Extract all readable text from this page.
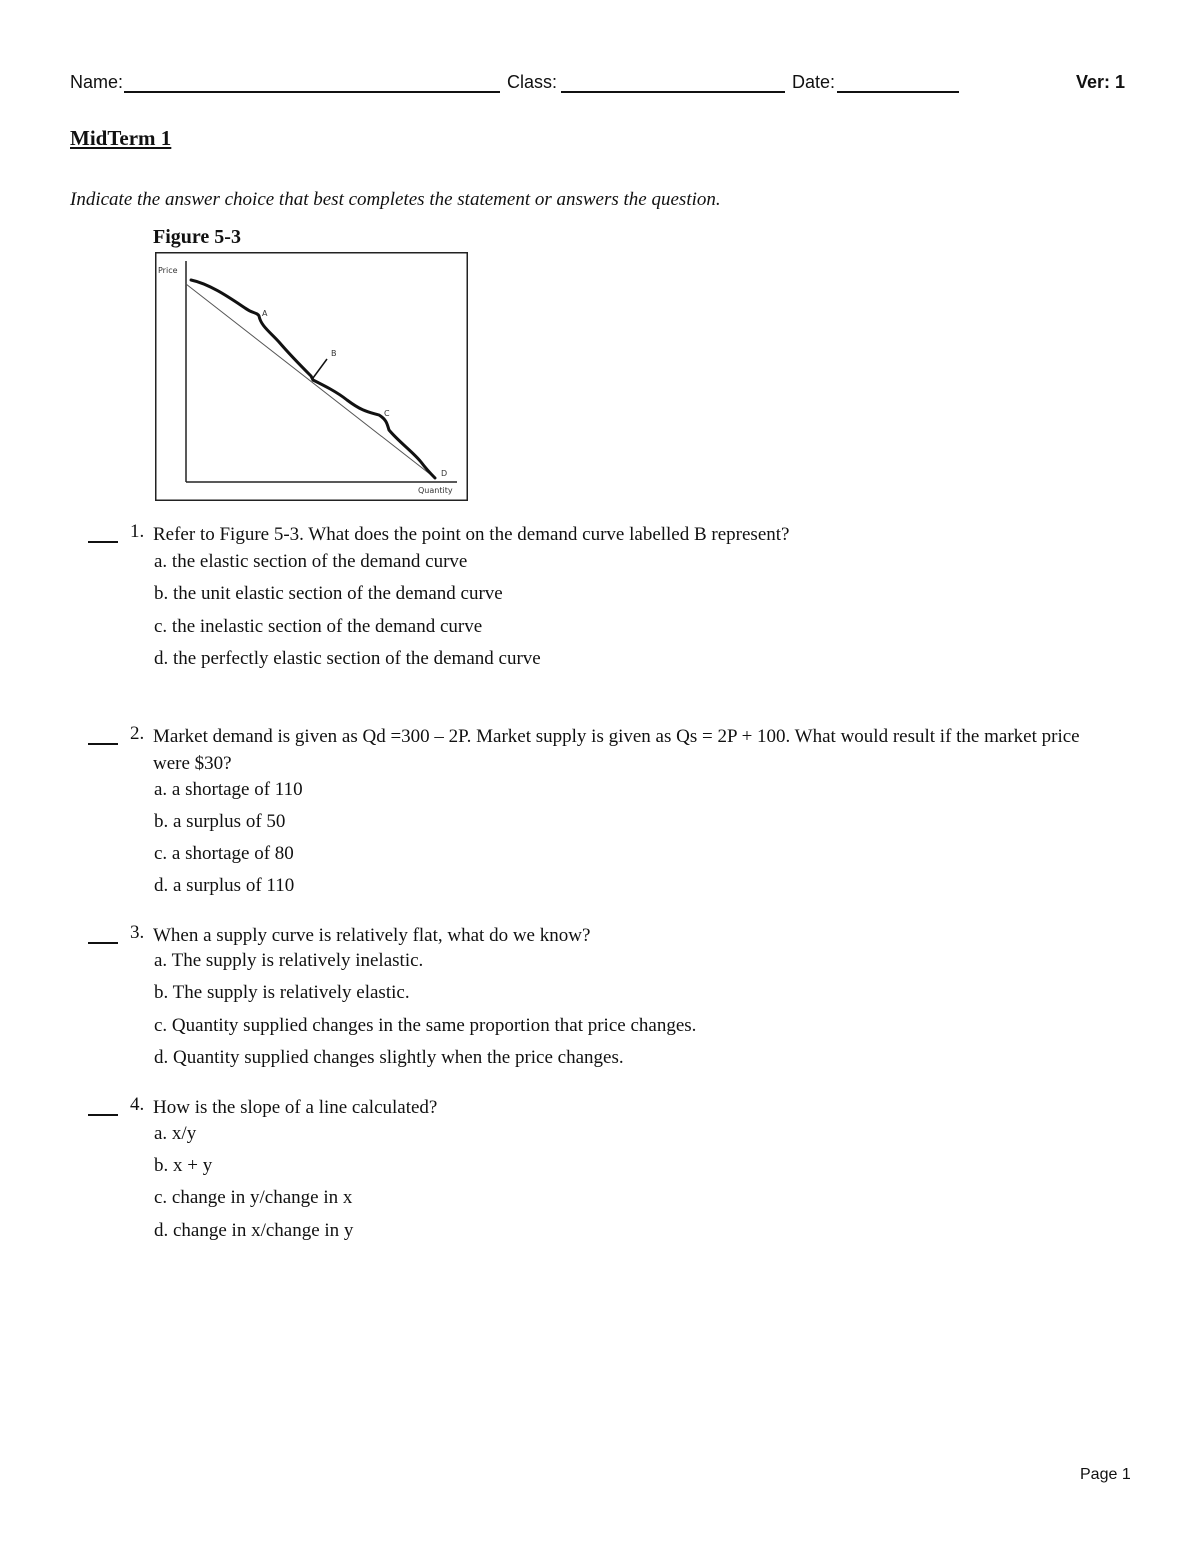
Name:	Class:	Date:	Ver: 1
MidTerm 1

Indicate the answer choice that best completes the statement or answers the question.

Figure 5-3
Price
Quantity
A
B
C
D
1. Refer to Figure 5-3. What does the point on the demand curve labelled B represent?
a. the elastic section of the demand curve
b. the unit elastic section of the demand curve
c. the inelastic section of the demand curve
d. the perfectly elastic section of the demand curve
2. Market demand is given as Qd =300 – 2P. Market supply is given as Qs = 2P + 100. What would result if the market price were $30?
a. a shortage of 110
b. a surplus of 50
c. a shortage of 80
d. a surplus of 110
3. When a supply curve is relatively flat, what do we know?
a. The supply is relatively inelastic.
b. The supply is relatively elastic.
c. Quantity supplied changes in the same proportion that price changes.
d. Quantity supplied changes slightly when the price changes.
4. How is the slope of a line calculated?
a. x/y
b. x + y
c. change in y/change in x
d. change in x/change in y
Page 1
